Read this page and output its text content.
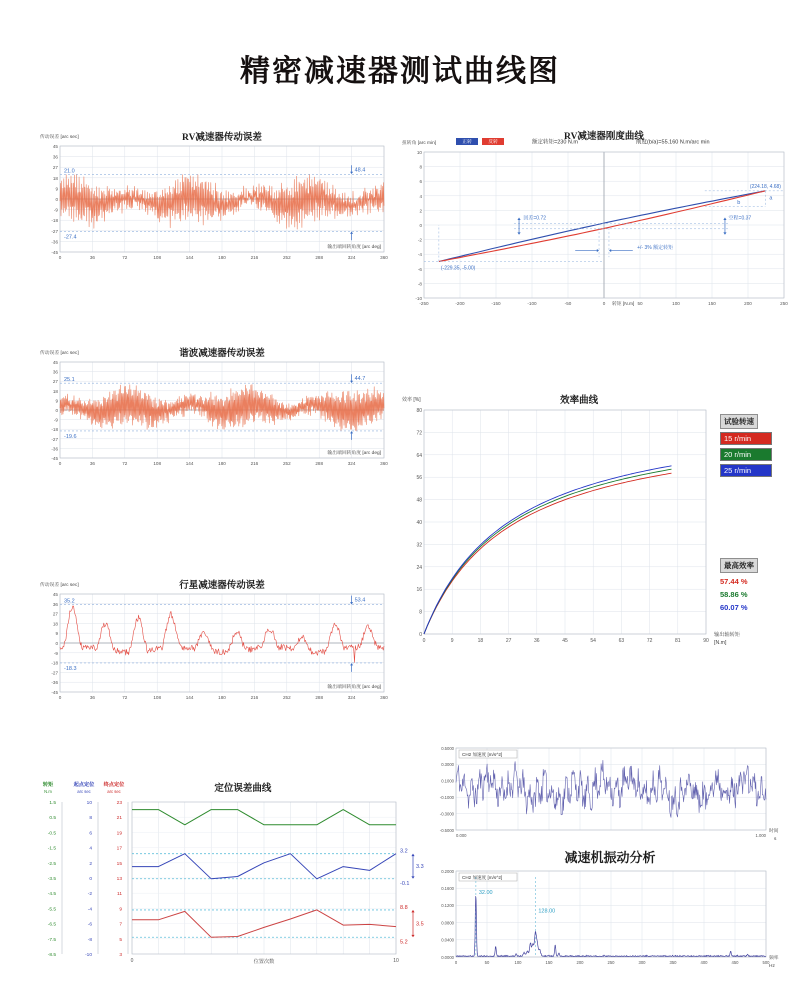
精密减速器测试曲线图
RV减速器传动误差
传动误差 [arc sec]
-45
-36
-27
-18
-9
0
9
18
27
36
45
0	36	72	108	144	180	216	252	288	324	360
输出端回转角度 [arc deg]
21.0
-27.4
48.4
RV减速器刚度曲线
扭转角 [arc min]	正转	反转	额定转矩=230 N.m	刚度(b/a)=55.160 N.m/arc min
-10
-8
-6
-4
-2
0
2
4
6
8
10
-250	-200	-150	-100	-50	0	50	100	150	200	250
转矩 [N.m]
(224.18, 4.68)
a
b
(-229.35, -5.00)
回差=0.72	空程=0.37
+/- 3% 额定转矩
谐波减速器传动误差
传动误差 [arc sec]
-45
-36
-27
-18
-9
0
9
18
27
36
45
0	36	72	108	144	180	216	252	288	324	360
输出端回转角度 [arc deg]
25.1
-19.6
44.7
试验转速
15 r/min
20 r/min
25 r/min
最高效率
57.44 %
58.86 %
60.07 %
效率曲线
效率 [%]
0
8
16
24
32
40
48
56
64
72
80
0	9	18	27	36	45	54	63	72	81	90
输出轴转矩
[N.m]
行星减速器传动误差
传动误差 [arc sec]
-45
-36
-27
-18
-9
0
9
18
27
36
45
0	36	72	108	144	180	216	252	288	324	360
输出端回转角度 [arc deg]
35.2
-18.3
53.4
定位误差曲线
转矩
N.m
1.5
0.5
-0.5
-1.5
-2.5
-3.5
-4.5
-5.5
-6.5
-7.5
-8.5
起点定位
arc sec
10
8
6
4
2
0
-2
-4
-6
-8
-10
终点定位
arc sec
23
21
19
17
15
13
11
9
7
5
3
0	10
位置次数
3.2
-0.1
3.3
8.8
5.2
3.5
0.5000
0.3000
0.1000
-0.1000
-0.3000
-0.5000
CH2 加速度 [m/s^2]
0.000	1.000
时间
s
减速机振动分析
0	50	100	150	200	250	300	350	400	450	500
0.2000
0.1600
0.1200
0.0800
0.0400
0.0000
CH2 加速度 [m/s^2]
频率
Hz
32.00
128.00
